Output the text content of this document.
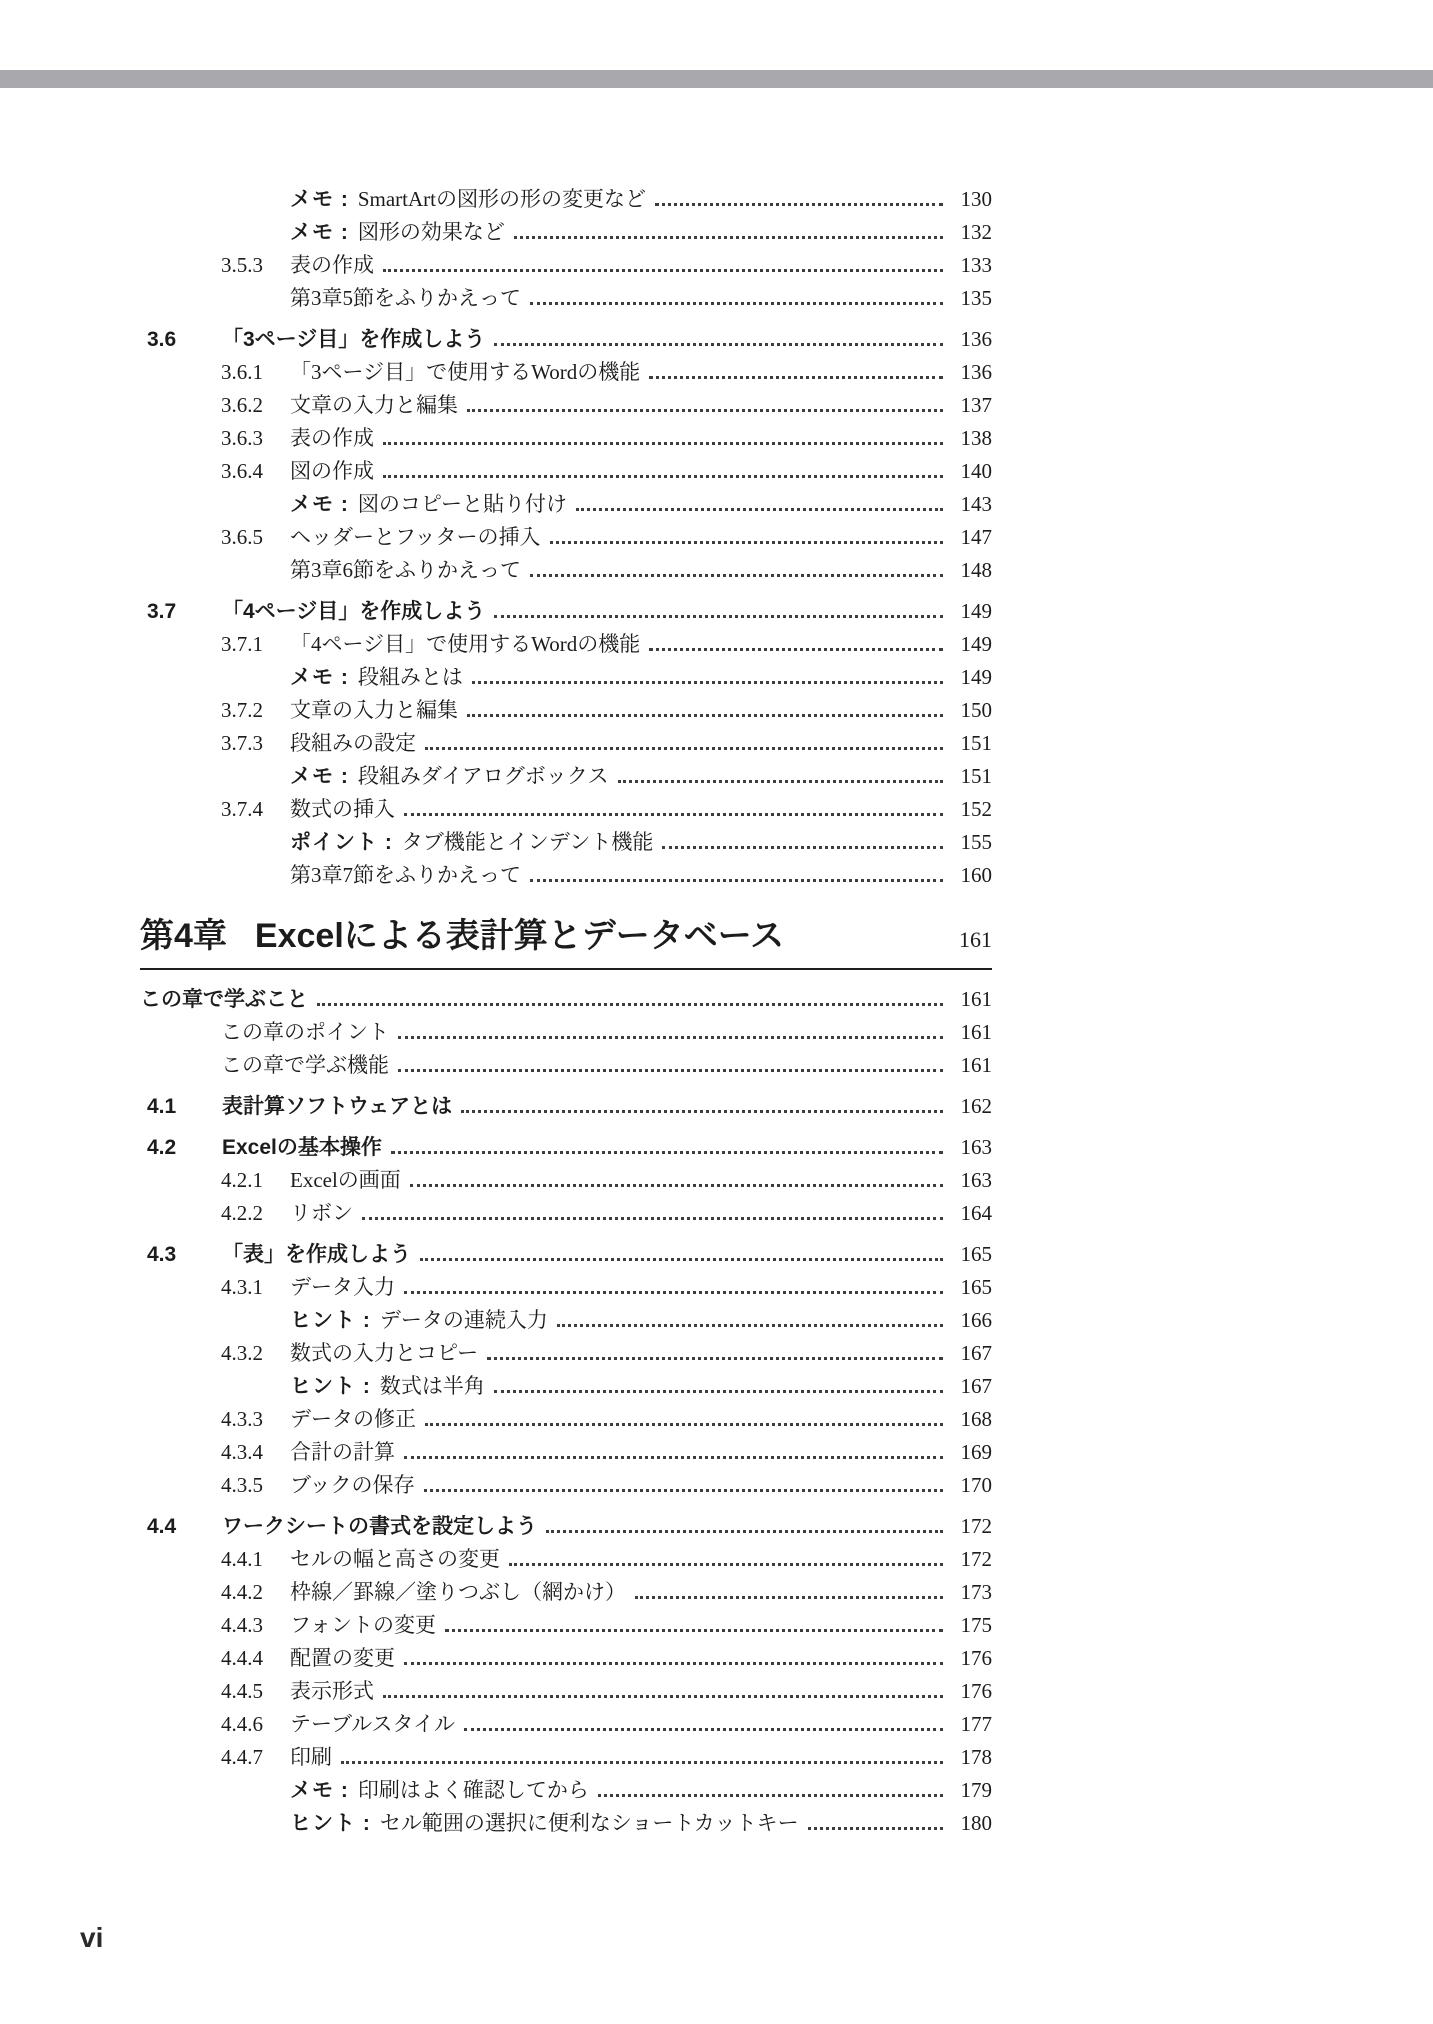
メモ : SmartArtの図形の形の変更など	130
メモ : 図形の効果など	132
3.5.3	表の作成	133
第3章5節をふりかえって	135
3.6	「3ページ目」を作成しよう	136
3.6.1	「3ページ目」で使用するWordの機能	136
3.6.2	文章の入力と編集	137
3.6.3	表の作成	138
3.6.4	図の作成	140
メモ : 図のコピーと貼り付け	143
3.6.5	ヘッダーとフッターの挿入	147
第3章6節をふりかえって	148
3.7	「4ページ目」を作成しよう	149
3.7.1	「4ページ目」で使用するWordの機能	149
メモ : 段組みとは	149
3.7.2	文章の入力と編集	150
3.7.3	段組みの設定	151
メモ : 段組みダイアログボックス	151
3.7.4	数式の挿入	152
ポイント : タブ機能とインデント機能	155
第3章7節をふりかえって	160
第4章 Excelによる表計算とデータベース	161
この章で学ぶこと	161
この章のポイント	161
この章で学ぶ機能	161
4.1	表計算ソフトウェアとは	162
4.2	Excelの基本操作	163
4.2.1	Excelの画面	163
4.2.2	リボン	164
4.3	「表」を作成しよう	165
4.3.1	データ入力	165
ヒント : データの連続入力	166
4.3.2	数式の入力とコピー	167
ヒント : 数式は半角	167
4.3.3	データの修正	168
4.3.4	合計の計算	169
4.3.5	ブックの保存	170
4.4	ワークシートの書式を設定しよう	172
4.4.1	セルの幅と高さの変更	172
4.4.2	枠線／罫線／塗りつぶし（網かけ）	173
4.4.3	フォントの変更	175
4.4.4	配置の変更	176
4.4.5	表示形式	176
4.4.6	テーブルスタイル	177
4.4.7	印刷	178
メモ : 印刷はよく確認してから	179
ヒント : セル範囲の選択に便利なショートカットキー	180
vi
